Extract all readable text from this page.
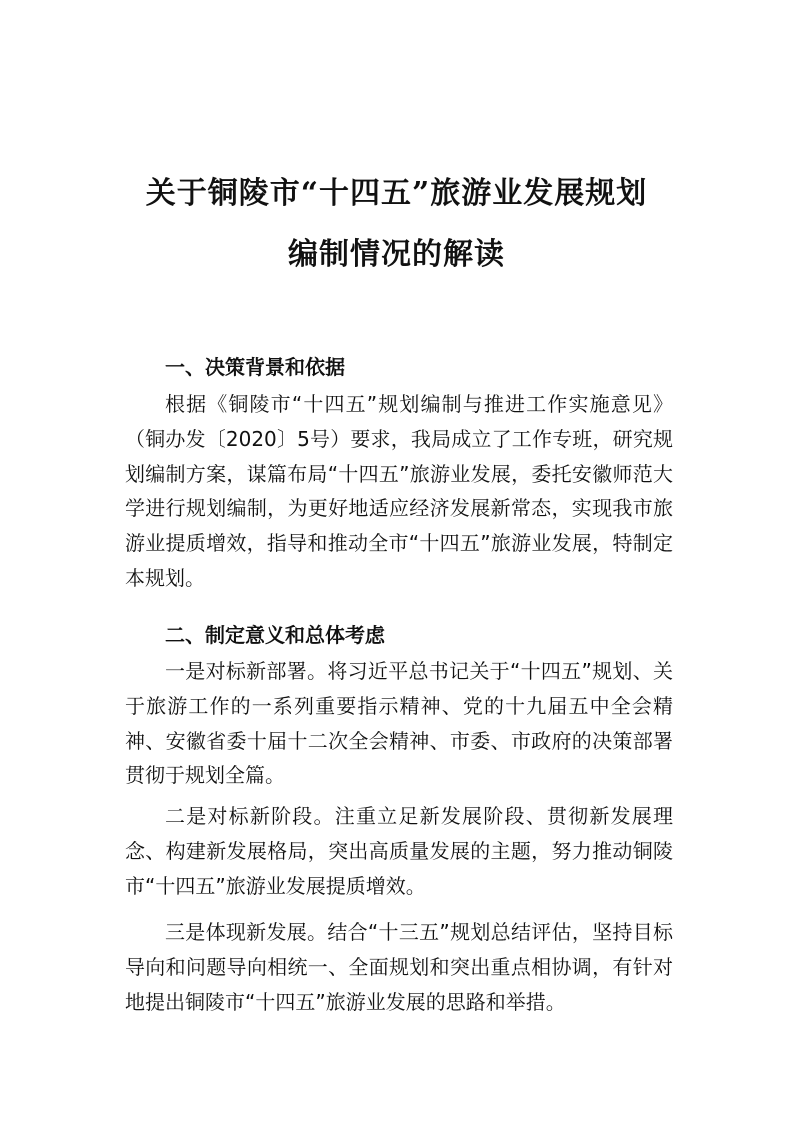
关于铜陵市“十四五”旅游业发展规划
编制情况的解读
一、决策背景和依据

根据《铜陵市“十四五”规划编制与推进工作实施意见》（铜办发〔2020〕5号）要求，我局成立了工作专班，研究规划编制方案，谋篇布局“十四五”旅游业发展，委托安徽师范大学进行规划编制，为更好地适应经济发展新常态，实现我市旅游业提质增效，指导和推动全市“十四五”旅游业发展，特制定本规划。

二、制定意义和总体考虑

一是对标新部署。将习近平总书记关于“十四五”规划、关于旅游工作的一系列重要指示精神、党的十九届五中全会精神、安徽省委十届十二次全会精神、市委、市政府的决策部署贯彻于规划全篇。

二是对标新阶段。注重立足新发展阶段、贯彻新发展理念、构建新发展格局，突出高质量发展的主题，努力推动铜陵市“十四五”旅游业发展提质增效。

三是体现新发展。结合“十三五”规划总结评估，坚持目标导向和问题导向相统一、全面规划和突出重点相协调，有针对地提出铜陵市“十四五”旅游业发展的思路和举措。
